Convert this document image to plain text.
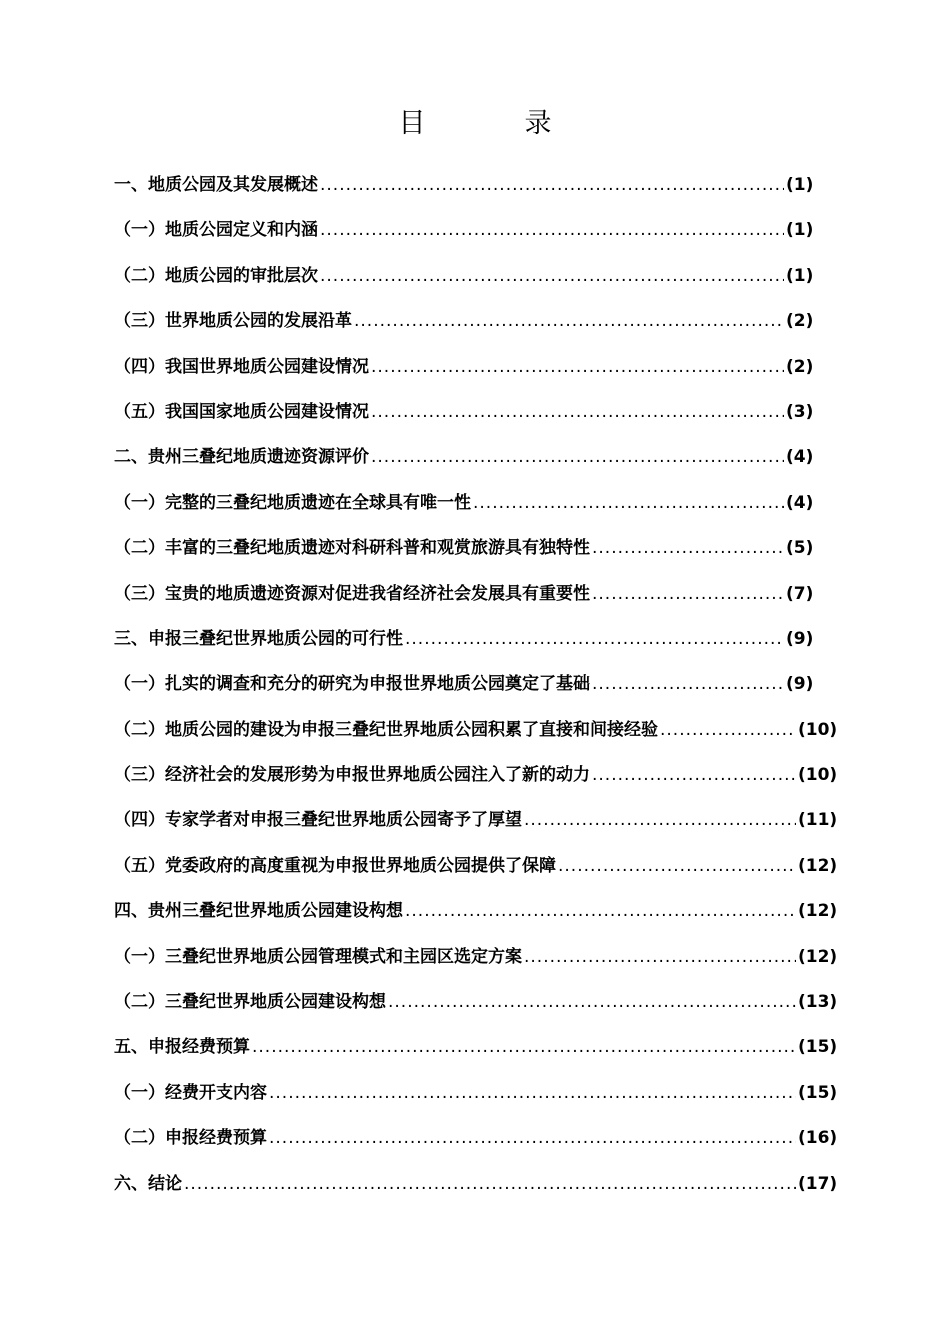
目　录
一、地质公园及其发展概述 .....	(1)
（一）地质公园定义和内涵 .....	(1)
（二）地质公园的审批层次 .....	(1)
（三）世界地质公园的发展沿革 .....	(2)
（四）我国世界地质公园建设情况 .....	(2)
（五）我国国家地质公园建设情况 .....	(3)
二、贵州三叠纪地质遗迹资源评价 .....	(4)
（一）完整的三叠纪地质遗迹在全球具有唯一性 .....	(4)
（二）丰富的三叠纪地质遗迹对科研科普和观赏旅游具有独特性 .....	(5)
（三）宝贵的地质遗迹资源对促进我省经济社会发展具有重要性 .....	(7)
三、申报三叠纪世界地质公园的可行性 .....	(9)
（一）扎实的调查和充分的研究为申报世界地质公园奠定了基础 .....	(9)
（二）地质公园的建设为申报三叠纪世界地质公园积累了直接和间接经验 .....	(10)
（三）经济社会的发展形势为申报世界地质公园注入了新的动力 .....	(10)
（四）专家学者对申报三叠纪世界地质公园寄予了厚望 .....	(11)
（五）党委政府的高度重视为申报世界地质公园提供了保障 .....	(12)
四、贵州三叠纪世界地质公园建设构想 .....	(12)
（一）三叠纪世界地质公园管理模式和主园区选定方案 .....	(12)
（二）三叠纪世界地质公园建设构想 .....	(13)
五、申报经费预算 .....	(15)
（一）经费开支内容 .....	(15)
（二）申报经费预算 .....	(16)
六、结论 .....	(17)
